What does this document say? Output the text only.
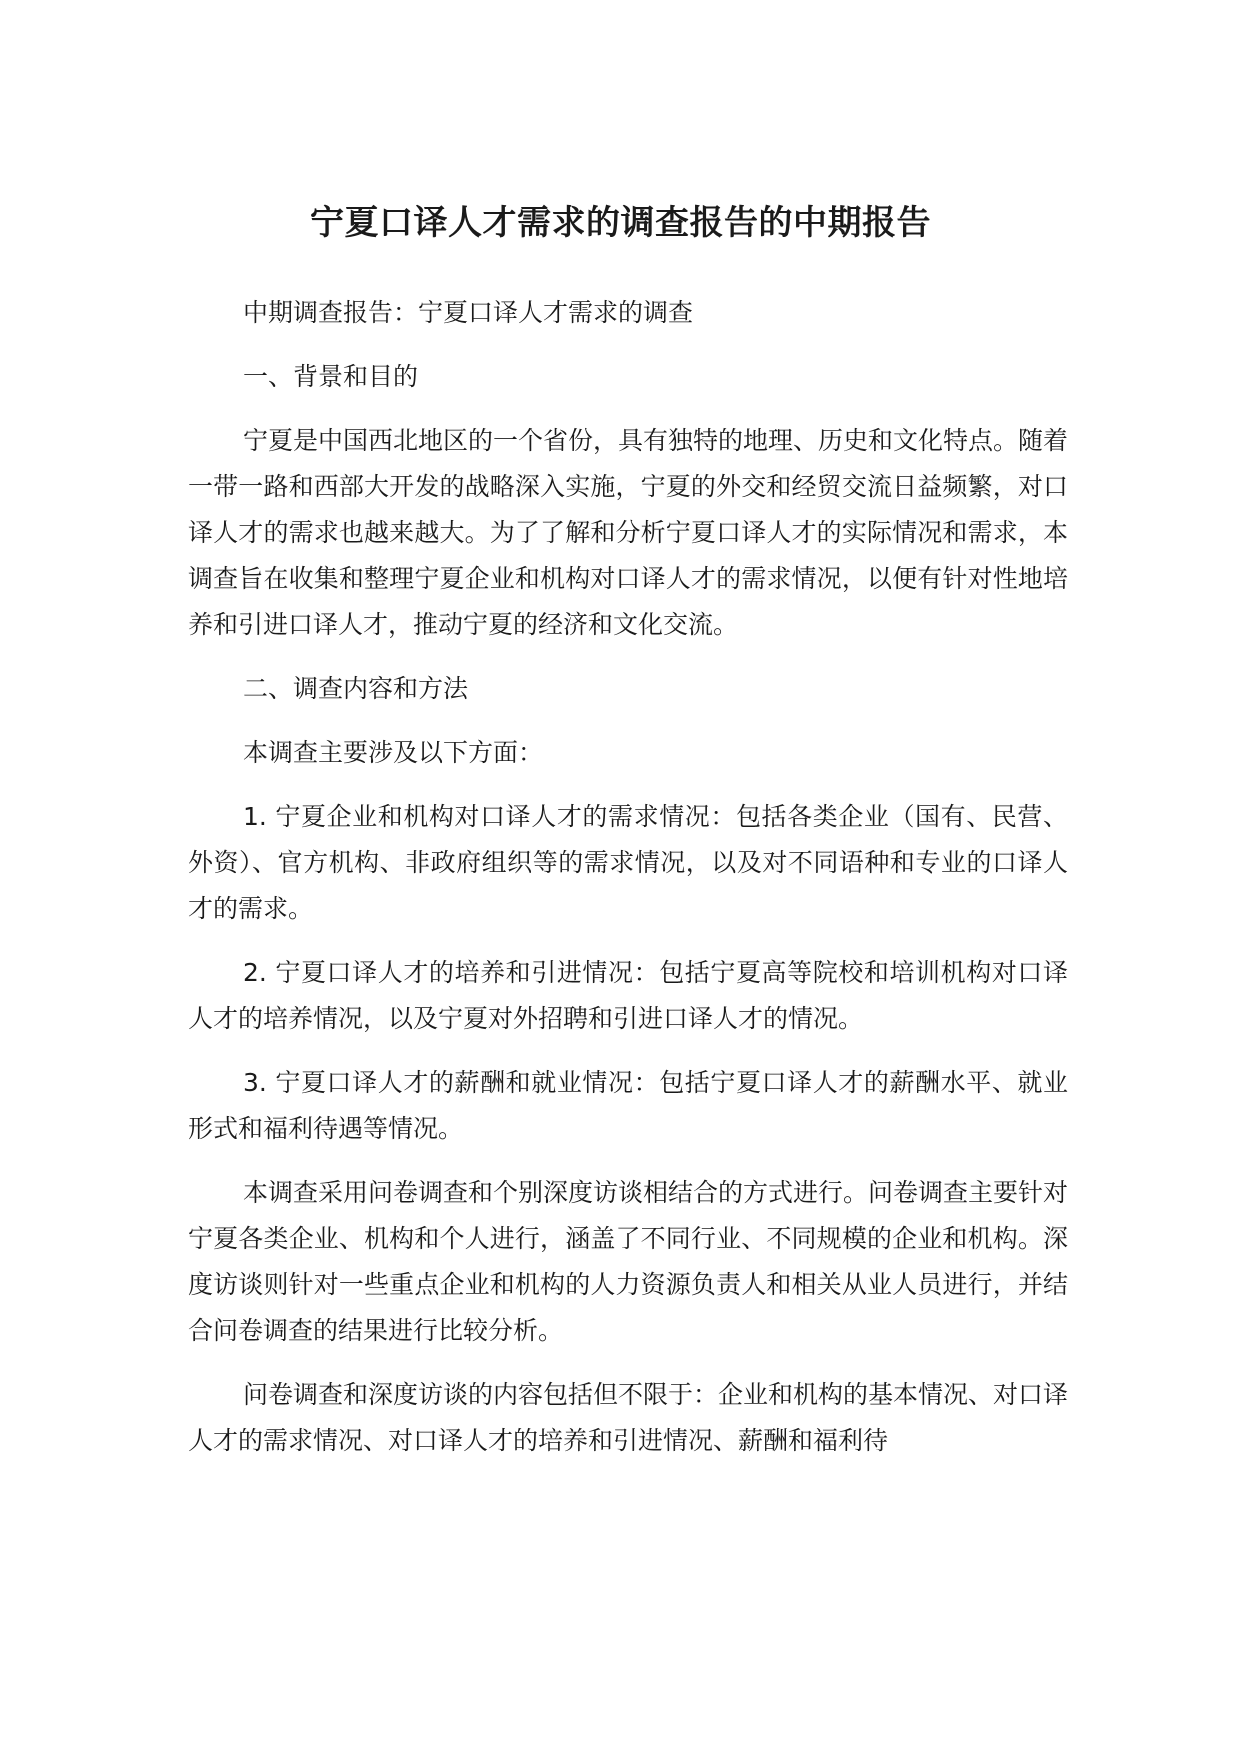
宁夏口译人才需求的调查报告的中期报告

中期调查报告：宁夏口译人才需求的调查

一、背景和目的

宁夏是中国西北地区的一个省份，具有独特的地理、历史和文化特点。随着一带一路和西部大开发的战略深入实施，宁夏的外交和经贸交流日益频繁，对口译人才的需求也越来越大。为了了解和分析宁夏口译人才的实际情况和需求，本调查旨在收集和整理宁夏企业和机构对口译人才的需求情况，以便有针对性地培养和引进口译人才，推动宁夏的经济和文化交流。

二、调查内容和方法

本调查主要涉及以下方面：

1. 宁夏企业和机构对口译人才的需求情况：包括各类企业（国有、民营、外资）、官方机构、非政府组织等的需求情况，以及对不同语种和专业的口译人才的需求。

2. 宁夏口译人才的培养和引进情况：包括宁夏高等院校和培训机构对口译人才的培养情况，以及宁夏对外招聘和引进口译人才的情况。

3. 宁夏口译人才的薪酬和就业情况：包括宁夏口译人才的薪酬水平、就业形式和福利待遇等情况。

本调查采用问卷调查和个别深度访谈相结合的方式进行。问卷调查主要针对宁夏各类企业、机构和个人进行，涵盖了不同行业、不同规模的企业和机构。深度访谈则针对一些重点企业和机构的人力资源负责人和相关从业人员进行，并结合问卷调查的结果进行比较分析。

问卷调查和深度访谈的内容包括但不限于：企业和机构的基本情况、对口译人才的需求情况、对口译人才的培养和引进情况、薪酬和福利待
